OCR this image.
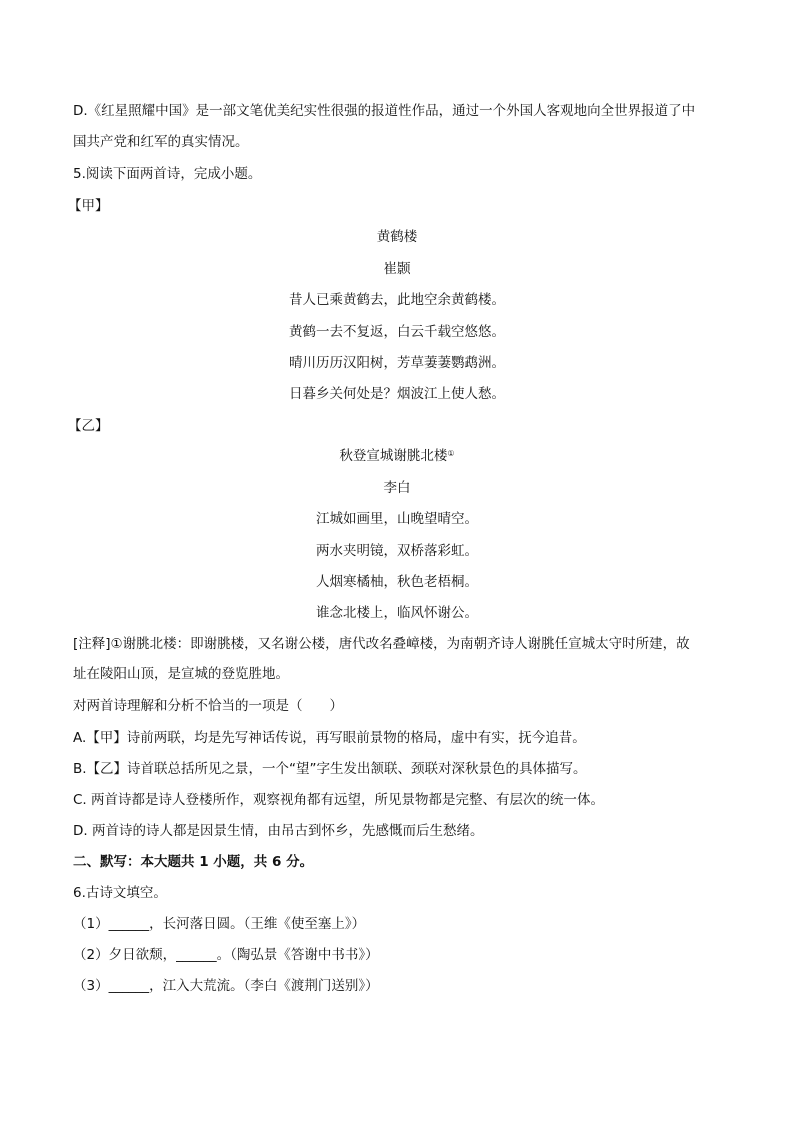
D.《红星照耀中国》是一部文笔优美纪实性很强的报道性作品，通过一个外国人客观地向全世界报道了中
国共产党和红军的真实情况。
5.阅读下面两首诗，完成小题。
【甲】
黄鹤楼
崔颢
昔人已乘黄鹤去，此地空余黄鹤楼。
黄鹤一去不复返，白云千载空悠悠。
晴川历历汉阳树，芳草萋萋鹦鹉洲。
日暮乡关何处是？烟波江上使人愁。
【乙】
秋登宣城谢朓北楼①
李白
江城如画里，山晚望晴空。
两水夹明镜，双桥落彩虹。
人烟寒橘柚，秋色老梧桐。
谁念北楼上，临风怀谢公。
[注释]①谢朓北楼：即谢朓楼，又名谢公楼，唐代改名叠嶂楼，为南朝齐诗人谢朓任宣城太守时所建，故
址在陵阳山顶，是宣城的登览胜地。
对两首诗理解和分析不恰当的一项是（　　）
A.【甲】诗前两联，均是先写神话传说，再写眼前景物的格局，虚中有实，抚今追昔。
B.【乙】诗首联总括所见之景，一个“望”字生发出颔联、颈联对深秋景色的具体描写。
C. 两首诗都是诗人登楼所作，观察视角都有远望，所见景物都是完整、有层次的统一体。
D. 两首诗的诗人都是因景生情，由吊古到怀乡，先感慨而后生愁绪。
二、默写：本大题共 1 小题，共 6 分。
6.古诗文填空。
（1）______，长河落日圆。（王维《使至塞上》）
（2）夕日欲颓，______。（陶弘景《答谢中书书》）
（3）______，江入大荒流。（李白《渡荆门送别》）
